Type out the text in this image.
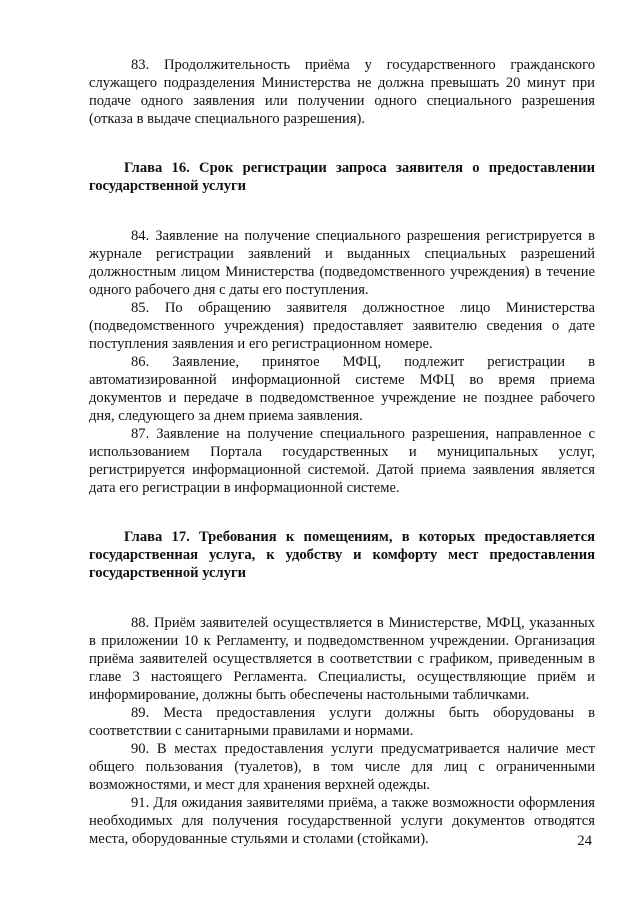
83. Продолжительность приёма у государственного гражданского служащего подразделения Министерства не должна превышать 20 минут при подаче одного заявления или получении одного специального разрешения (отказа в выдаче специального разрешения).

Глава 16. Срок регистрации запроса заявителя о предоставлении государственной услуги

84. Заявление на получение специального разрешения регистрируется в журнале регистрации заявлений и выданных специальных разрешений должностным лицом Министерства (подведомственного учреждения) в течение одного рабочего дня с даты его поступления.

85. По обращению заявителя должностное лицо Министерства (подведомственного учреждения) предоставляет заявителю сведения о дате поступления заявления и его регистрационном номере.

86. Заявление, принятое МФЦ, подлежит регистрации в автоматизированной информационной системе МФЦ во время приема документов и передаче в подведомственное учреждение не позднее рабочего дня, следующего за днем приема заявления.

87. Заявление на получение специального разрешения, направленное с использованием Портала государственных и муниципальных услуг, регистрируется информационной системой. Датой приема заявления является дата его регистрации в информационной системе.

Глава 17. Требования к помещениям, в которых предоставляется государственная услуга, к удобству и комфорту мест предоставления государственной услуги

88. Приём заявителей осуществляется в Министерстве, МФЦ, указанных в приложении 10 к Регламенту, и подведомственном учреждении. Организация приёма заявителей осуществляется в соответствии с графиком, приведенным в главе 3 настоящего Регламента. Специалисты, осуществляющие приём и информирование, должны быть обеспечены настольными табличками.

89. Места предоставления услуги должны быть оборудованы в соответствии с санитарными правилами и нормами.

90. В местах предоставления услуги предусматривается наличие мест общего пользования (туалетов), в том числе для лиц с ограниченными возможностями, и мест для хранения верхней одежды.

91. Для ожидания заявителями приёма, а также возможности оформления необходимых для получения государственной услуги документов отводятся места, оборудованные стульями и столами (стойками).	24
